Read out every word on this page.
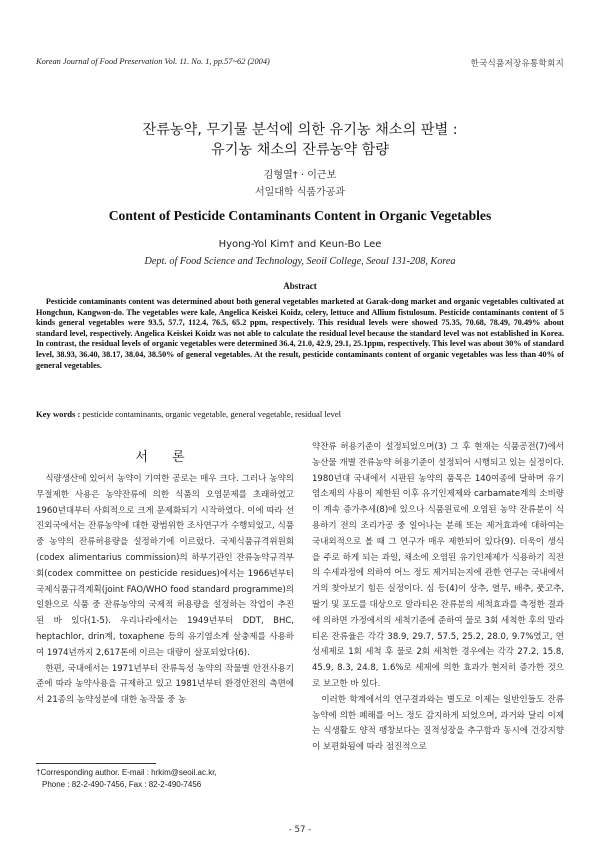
Korean Journal of Food Preservation Vol. 11. No. 1, pp.57~62 (2004)	한국식품저장유통학회지
잔류농약, 무기물 분석에 의한 유기농 채소의 판별 :
유기농 채소의 잔류농약 함량
김형열† · 이근보
서일대학 식품가공과
Content of Pesticide Contaminants Content in Organic Vegetables
Hyong-Yol Kim† and Keun-Bo Lee
Dept. of Food Science and Technology, Seoil College, Seoul 131-208, Korea
Abstract
Pesticide contaminants content was determined about both general vegetables marketed at Garak-dong market and organic vegetables cultivated at Hongchun, Kangwon-do. The vegetables were kale, Angelica Keiskei Koidz, celery, lettuce and Allium fistulosum. Pesticide contaminants content of 5 kinds general vegetables were 93.5, 57.7, 112.4, 76.5, 65.2 ppm, respectively. This residual levels were showed 75.35, 70.68, 78.49, 70.49% about standard level, respectively. Angelica Keiskei Koidz was not able to calculate the residual level because the standard level was not established in Korea. In contrast, the residual levels of organic vegetables were determined 36.4, 21.0, 42.9, 29.1, 25.1ppm, respectively. This level was about 30% of standard level, 38.93, 36.40, 38.17, 38.04, 38.50% of general vegetables. At the result, pesticide contaminants content of organic vegetables was less than 40% of general vegetables.
Key words : pesticide contaminants, organic vegetable, general vegetable, residual level
서 론

식량생산에 있어서 농약이 기여한 공로는 매우 크다. 그러나 농약의 무절제한 사용은 농약잔류에 의한 식품의 오염문제를 초래하였고 1960년대부터 사회적으로 크게 문제화되기 시작하였다. 이에 따라 선진외국에서는 잔류농약에 대한 광범위한 조사연구가 수행되었고, 식품 중 농약의 잔류허용량을 설정하기에 이르렀다. 국제식품규격위원회(codex alimentarius commission)의 하부기관인 잔류농약규격부회(codex committee on pesticide residues)에서는 1966년부터 국제식품규격계획(joint FAO/WHO food standard programme)의 일환으로 식품 중 잔류농약의 국제적 허용량을 설정하는 작업이 추진된 바 있다(1-5). 우리나라에서는 1949년부터 DDT, BHC, heptachlor, drin계, toxaphene 등의 유기염소계 살충제를 사용하여 1974년까지 2,617톤에 이르는 대량이 살포되었다(6).

한편, 국내에서는 1971년부터 잔류독성 농약의 작물별 안전사용기준에 따라 농약사용을 규제하고 있고 1981년부터 환경안전의 측면에서 21종의 농약성분에 대한 농작물 중 농

약잔류 허용기준이 설정되었으며(3) 그 후 현재는 식품공전(7)에서 농산물 개별 잔류농약 허용기준이 설정되어 시행되고 있는 실정이다. 1980년대 국내에서 시판된 농약의 품목은 140여종에 달하며 유기염소제의 사용이 제한된 이후 유기인제제와 carbamate계의 소비량이 계속 증가추세(8)에 있으나 식품원료에 오염된 농약 잔류분이 식용하기 전의 조리가공 중 일어나는 분해 또는 제거효과에 대하여는 국내외적으로 볼 때 그 연구가 매우 제한되어 있다(9). 더욱이 생식을 주로 하게 되는 과일, 채소에 오염된 유기인제제가 식용하기 직전의 수세과정에 의하여 어느 정도 제거되는지에 관한 연구는 국내에서 거의 찾아보기 힘든 실정이다. 심 등(4)이 상추, 열무, 배추, 풋고추, 딸기 및 포도를 대상으로 말라티온 잔류분의 세척효과를 측정한 결과에 의하면 가정에서의 세척기준에 준하여 물로 3회 세척한 후의 말라티온 잔류율은 각각 38.9, 29.7, 57.5, 25.2, 28.0, 9.7%였고, 연성세제로 1회 세척 후 물로 2회 세척한 경우에는 각각 27.2, 15.8, 45.9, 8.3, 24.8, 1.6%로 세제에 의한 효과가 현저히 증가한 것으로 보고한 바 있다.

이러한 학계에서의 연구결과와는 별도로 이제는 일반인들도 잔류농약에 의한 폐해를 어느 정도 감지하게 되었으며, 과거와 달리 이제는 식생활도 양적 팽창보다는 질적성장을 추구함과 동시에 건강지향이 보편화됨에 따라 점진적으로

†Corresponding author. E-mail : hrkim@seoil.ac.kr,
Phone : 82-2-490-7456, Fax : 82-2-490-7456
- 57 -
